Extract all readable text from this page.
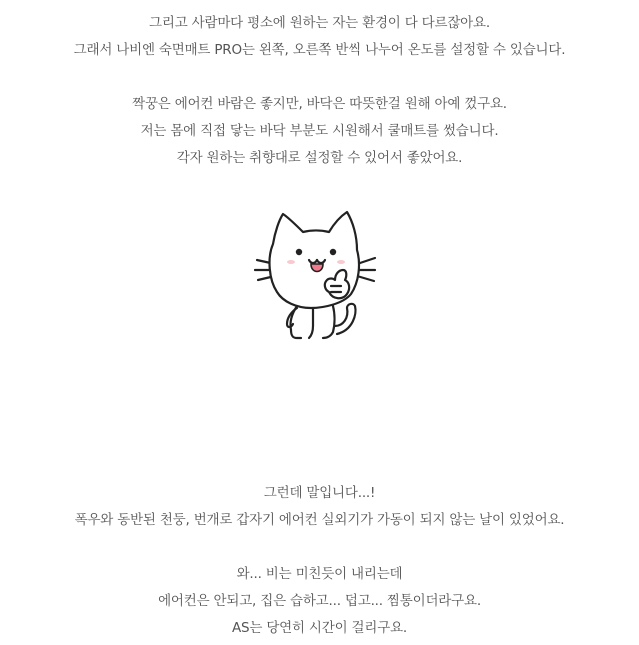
그리고 사람마다 평소에 원하는 자는 환경이 다 다르잖아요.
그래서 나비엔 숙면매트 PRO는 왼쪽, 오른쪽 반씩 나누어 온도를 설정할 수 있습니다.
짝꿍은 에어컨 바람은 좋지만, 바닥은 따뜻한걸 원해 아예 껐구요.
저는 몸에 직접 닿는 바닥 부분도 시원해서 쿨매트를 썼습니다.
각자 원하는 취향대로 설정할 수 있어서 좋았어요.
그런데 말입니다...!
폭우와 동반된 천둥, 번개로 갑자기 에어컨 실외기가 가동이 되지 않는 날이 있었어요.
와... 비는 미친듯이 내리는데
에어컨은 안되고, 집은 습하고... 덥고... 찜통이더라구요.
AS는 당연히 시간이 걸리구요.
